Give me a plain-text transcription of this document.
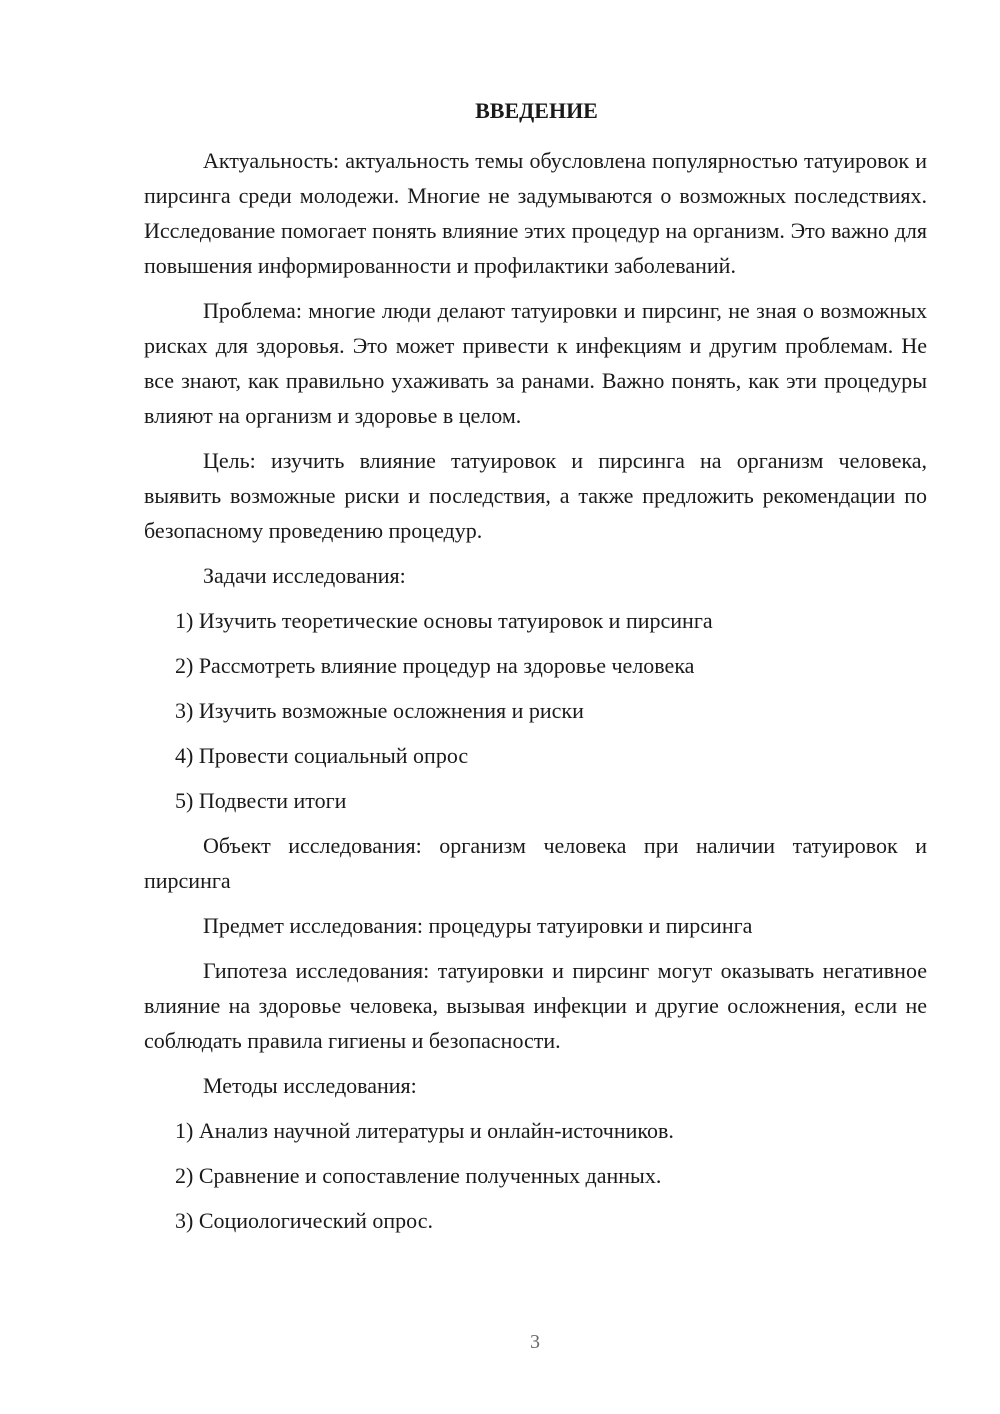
ВВЕДЕНИЕ

Актуальность: актуальность темы обусловлена популярностью татуировок и пирсинга среди молодежи. Многие не задумываются о возможных последствиях. Исследование помогает понять влияние этих процедур на организм. Это важно для повышения информированности и профилактики заболеваний.

Проблема: многие люди делают татуировки и пирсинг, не зная о возможных рисках для здоровья. Это может привести к инфекциям и другим проблемам. Не все знают, как правильно ухаживать за ранами. Важно понять, как эти процедуры влияют на организм и здоровье в целом.

Цель: изучить влияние татуировок и пирсинга на организм человека, выявить возможные риски и последствия, а также предложить рекомендации по безопасному проведению процедур.

Задачи исследования:
1) Изучить теоретические основы татуировок и пирсинга
2) Рассмотреть влияние процедур на здоровье человека
3) Изучить возможные осложнения и риски
4) Провести социальный опрос
5) Подвести итоги

Объект исследования: организм человека при наличии татуировок и пирсинга

Предмет исследования: процедуры татуировки и пирсинга

Гипотеза исследования: татуировки и пирсинг могут оказывать негативное влияние на здоровье человека, вызывая инфекции и другие осложнения, если не соблюдать правила гигиены и безопасности.

Методы исследования:
1) Анализ научной литературы и онлайн-источников.
2) Сравнение и сопоставление полученных данных.
3) Социологический опрос.
3
